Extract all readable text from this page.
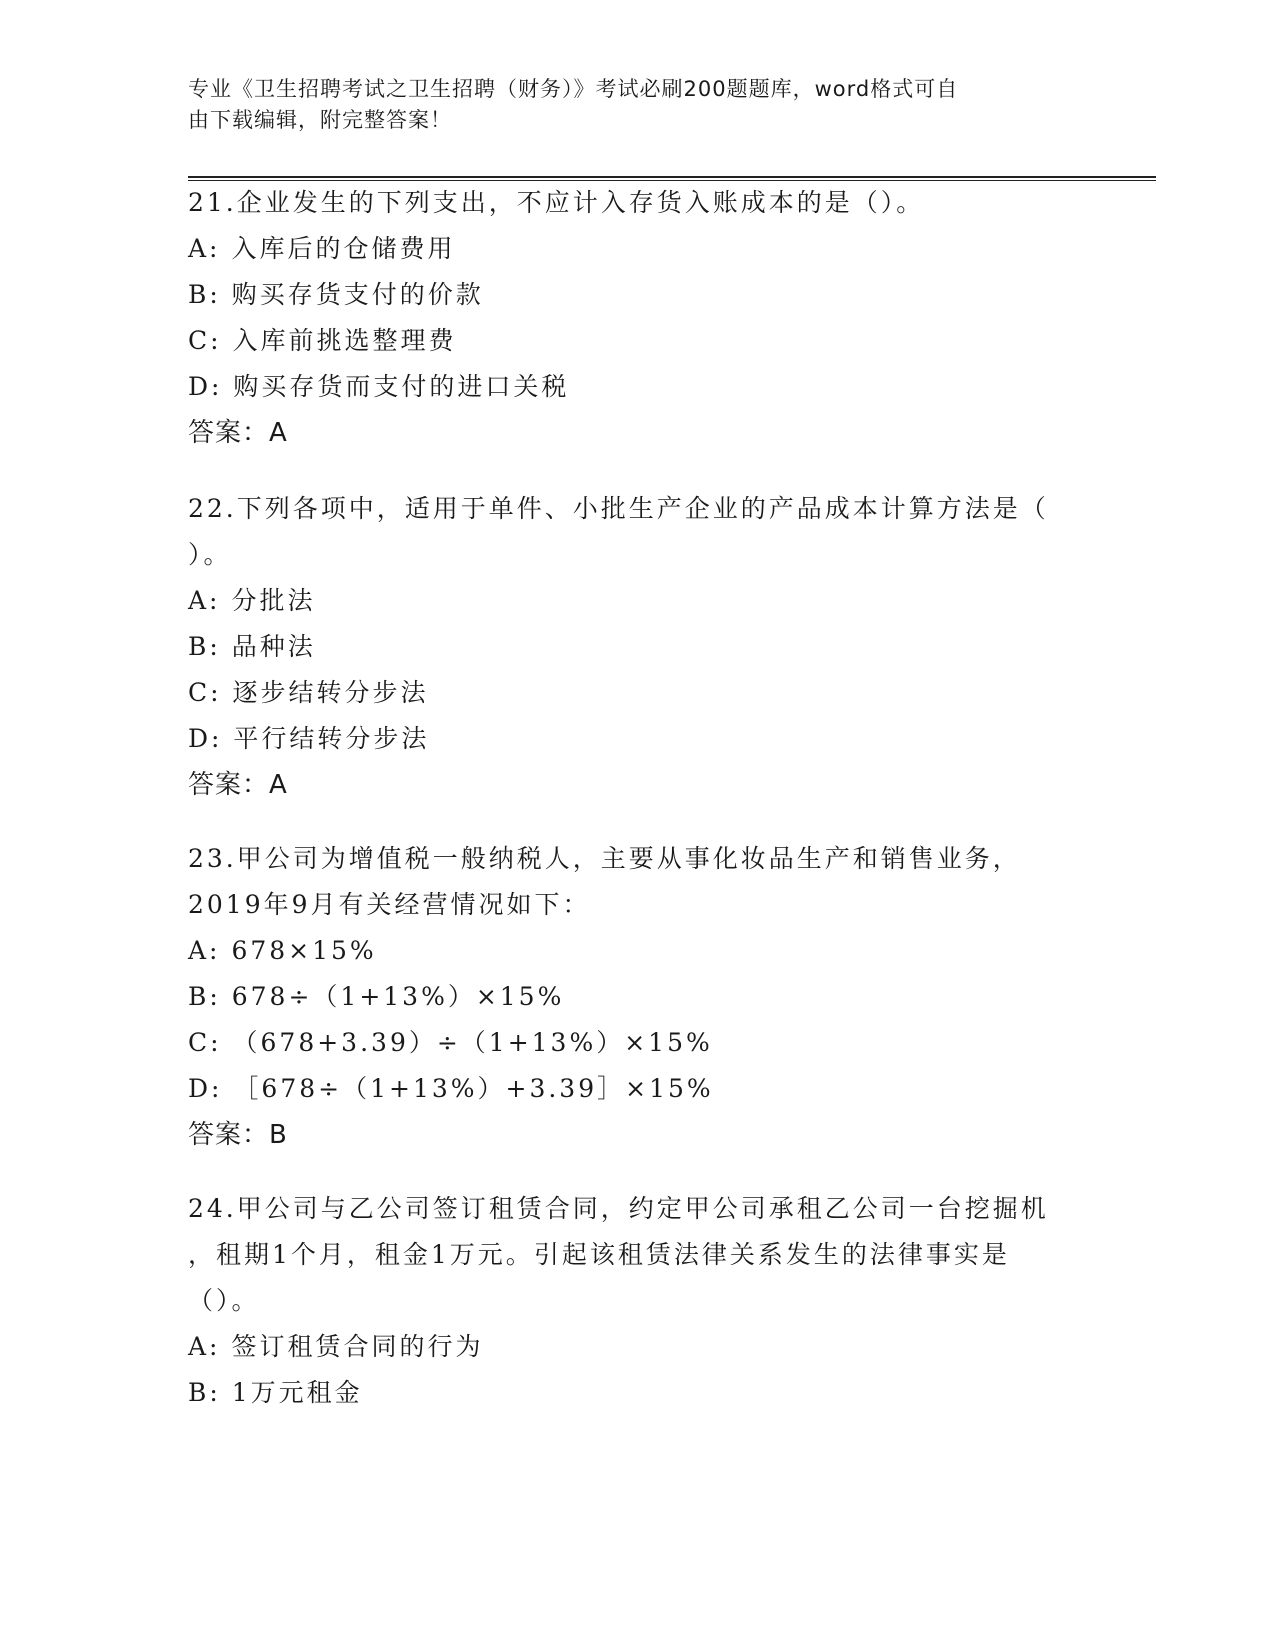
专业《卫生招聘考试之卫生招聘（财务）》考试必刷200题题库，word格式可自
由下载编辑，附完整答案！
21.企业发生的下列支出，不应计入存货入账成本的是（）。
A: 入库后的仓储费用
B: 购买存货支付的价款
C: 入库前挑选整理费
D: 购买存货而支付的进口关税
答案：A
22.下列各项中，适用于单件、小批生产企业的产品成本计算方法是（
）。
A: 分批法
B: 品种法
C: 逐步结转分步法
D: 平行结转分步法
答案：A
23.甲公司为增值税一般纳税人，主要从事化妆品生产和销售业务，
2019年9月有关经营情况如下：
A: 678×15%
B: 678÷（1+13%）×15%
C: （678+3.39）÷（1+13%）×15%
D: ［678÷（1+13%）+3.39］×15%
答案：B
24.甲公司与乙公司签订租赁合同，约定甲公司承租乙公司一台挖掘机
，租期1个月，租金1万元。引起该租赁法律关系发生的法律事实是
（）。
A: 签订租赁合同的行为
B: 1万元租金
